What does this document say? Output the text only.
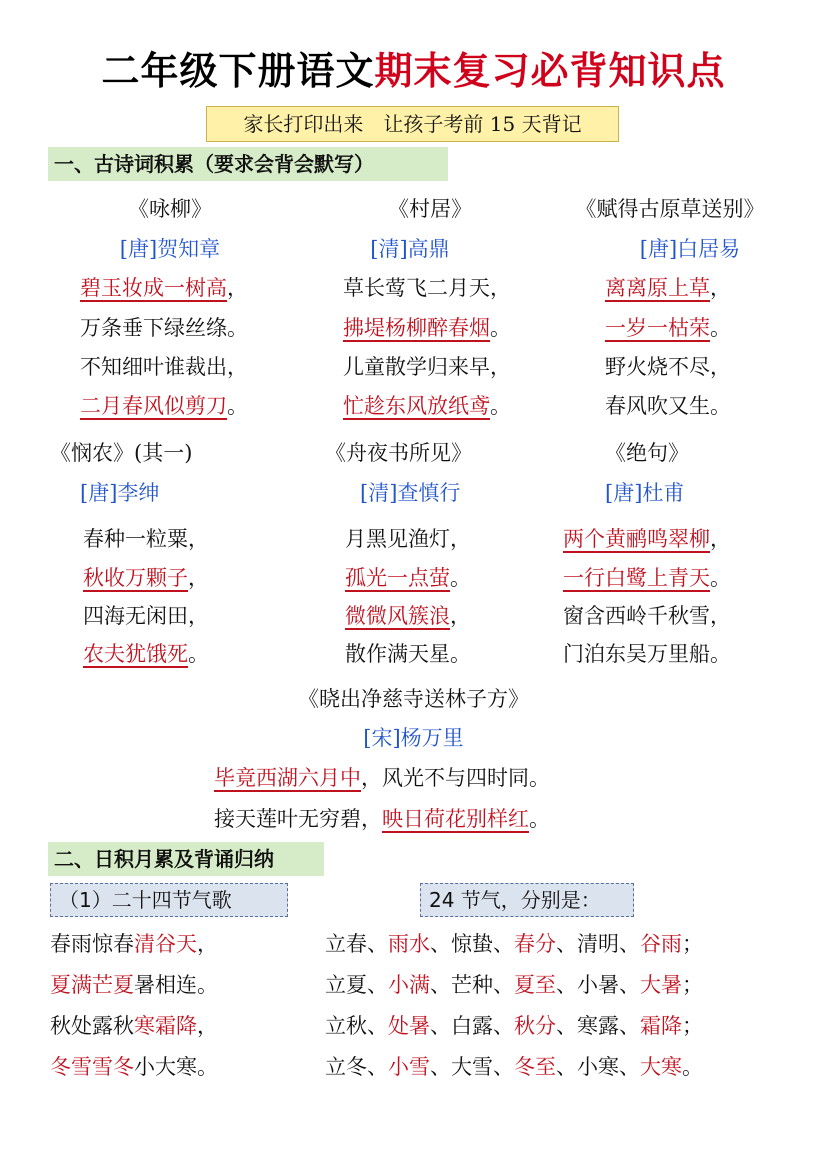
二年级下册语文期末复习必背知识点
家长打印出来　让孩子考前 15 天背记
一、古诗词积累（要求会背会默写）
《咏柳》
[唐]贺知章
碧玉妆成一树高，
万条垂下绿丝绦。
不知细叶谁裁出，
二月春风似剪刀。
《村居》
[清]高鼎
草长莺飞二月天，
拂堤杨柳醉春烟。
儿童散学归来早，
忙趁东风放纸鸢。
《赋得古原草送别》
[唐]白居易
离离原上草，
一岁一枯荣。
野火烧不尽，
春风吹又生。
《悯农》(其一)
[唐]李绅
春种一粒粟，
秋收万颗子，
四海无闲田，
农夫犹饿死。
《舟夜书所见》
[清]查慎行
月黑见渔灯，
孤光一点萤。
微微风簇浪，
散作满天星。
《绝句》
[唐]杜甫
两个黄鹂鸣翠柳，
一行白鹭上青天。
窗含西岭千秋雪，
门泊东吴万里船。
《晓出净慈寺送林子方》
[宋]杨万里
毕竟西湖六月中，风光不与四时同。
接天莲叶无穷碧，映日荷花别样红。
二、日积月累及背诵归纳
（1）二十四节气歌	24 节气，分别是：
春雨惊春清谷天，
夏满芒夏暑相连。
秋处露秋寒霜降，
冬雪雪冬小大寒。
立春、雨水、惊蛰、春分、清明、谷雨；
立夏、小满、芒种、夏至、小暑、大暑；
立秋、处暑、白露、秋分、寒露、霜降；
立冬、小雪、大雪、冬至、小寒、大寒。
